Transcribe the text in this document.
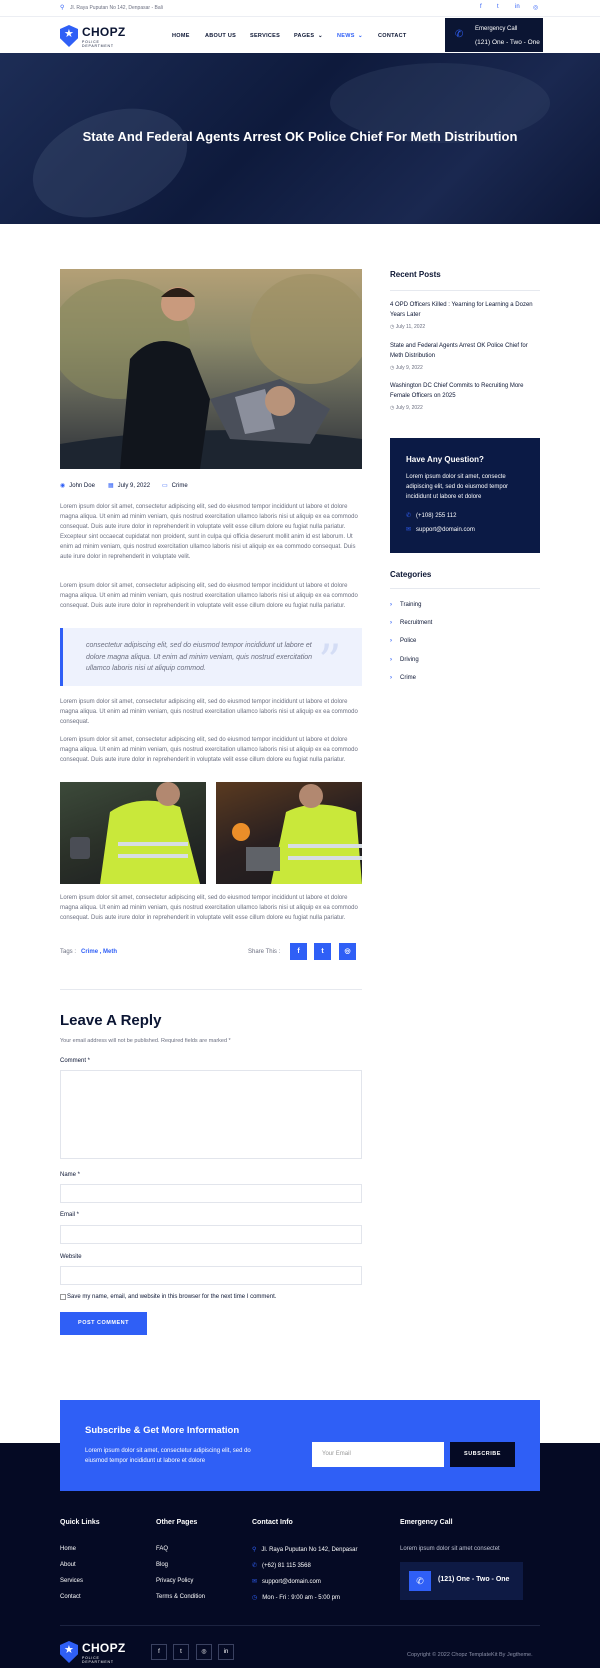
⚲ Jl. Raya Puputan No 142, Denpasar - Bali	f	t	in ◎
★ CHOPZ
POLICE DEPARTMENT
HOME	ABOUT US	SERVICES	PAGES ⌄	NEWS ⌄	CONTACT	✆ Emergency Call
(121) One - Two - One
State And Federal Agents Arrest OK Police Chief For Meth Distribution
◉ John Doe ▦ July 9, 2022 ▭ Crime

Lorem ipsum dolor sit amet, consectetur adipiscing elit, sed do eiusmod tempor incididunt ut labore et dolore magna aliqua. Ut enim ad minim veniam, quis nostrud exercitation ullamco laboris nisi ut aliquip ex ea commodo consequat. Duis aute irure dolor in reprehenderit in voluptate velit esse cillum dolore eu fugiat nulla pariatur. Excepteur sint occaecat cupidatat non proident, sunt in culpa qui officia deserunt mollit anim id est laborum. Ut enim ad minim veniam, quis nostrud exercitation ullamco laboris nisi ut aliquip ex ea commodo consequat. Duis aute irure dolor in reprehenderit in voluptate velit.

Lorem ipsum dolor sit amet, consectetur adipiscing elit, sed do eiusmod tempor incididunt ut labore et dolore magna aliqua. Ut enim ad minim veniam, quis nostrud exercitation ullamco laboris nisi ut aliquip ex ea commodo consequat. Duis aute irure dolor in reprehenderit in voluptate velit esse cillum dolore eu fugiat nulla pariatur.

consectetur adipiscing elit, sed do eiusmod tempor incididunt ut labore et dolore magna aliqua. Ut enim ad minim veniam, quis nostrud exercitation ullamco laboris nisi ut aliquip commod.	”

Lorem ipsum dolor sit amet, consectetur adipiscing elit, sed do eiusmod tempor incididunt ut labore et dolore magna aliqua. Ut enim ad minim veniam, quis nostrud exercitation ullamco laboris nisi ut aliquip ex ea commodo consequat.

Lorem ipsum dolor sit amet, consectetur adipiscing elit, sed do eiusmod tempor incididunt ut labore et dolore magna aliqua. Ut enim ad minim veniam, quis nostrud exercitation ullamco laboris nisi ut aliquip ex ea commodo consequat. Duis aute irure dolor in reprehenderit in voluptate velit esse cillum dolore eu fugiat nulla pariatur.

Lorem ipsum dolor sit amet, consectetur adipiscing elit, sed do eiusmod tempor incididunt ut labore et dolore magna aliqua. Ut enim ad minim veniam, quis nostrud exercitation ullamco laboris nisi ut aliquip ex ea commodo consequat. Duis aute irure dolor in reprehenderit in voluptate velit esse cillum dolore eu fugiat nulla pariatur.

Tags : Crime , Meth	Share This :	f	t	◎
Leave A Reply

Your email address will not be published. Required fields are marked *

Comment *
Name *
Email *
Website
Save my name, email, and website in this browser for the next time I comment.
POST COMMENT
Recent Posts

4 OPD Officers Killed : Yearning for Learning a Dozen Years Later

◷ July 11, 2022

State and Federal Agents Arrest OK Police Chief for Meth Distribution

◷ July 9, 2022

Washington DC Chief Commits to Recruiting More Female Officers on 2025

◷ July 9, 2022
Have Any Question?

Lorem ipsum dolor sit amet, consecte adipiscing elit, sed do eiusmod tempor incididunt ut labore et dolore

✆ (+108) 255 112
✉ support@domain.com
Categories
› Training
› Recruitment
› Police
› Driving
› Crime
Subscribe & Get More Information

Lorem ipsum dolor sit amet, consectetur adipiscing elit, sed do eiusmod tempor incididunt ut labore et dolore

Your Email	SUBSCRIBE
Quick Links
Home
About
Services
Contact
Other Pages
FAQ
Blog
Privacy Policy
Terms & Condition
Contact Info
⚲ Jl. Raya Puputan No 142, Denpasar
✆ (+62) 81 115 3568
✉ support@domain.com
◷ Mon - Fri : 9:00 am - 5:00 pm
Emergency Call
Lorem ipsum dolor sit amet consectet
✆	(121) One - Two - One
★ CHOPZ
POLICE DEPARTMENT
f	t	◎	in	Copyright © 2022 Chopz TemplateKit By Jegtheme.
